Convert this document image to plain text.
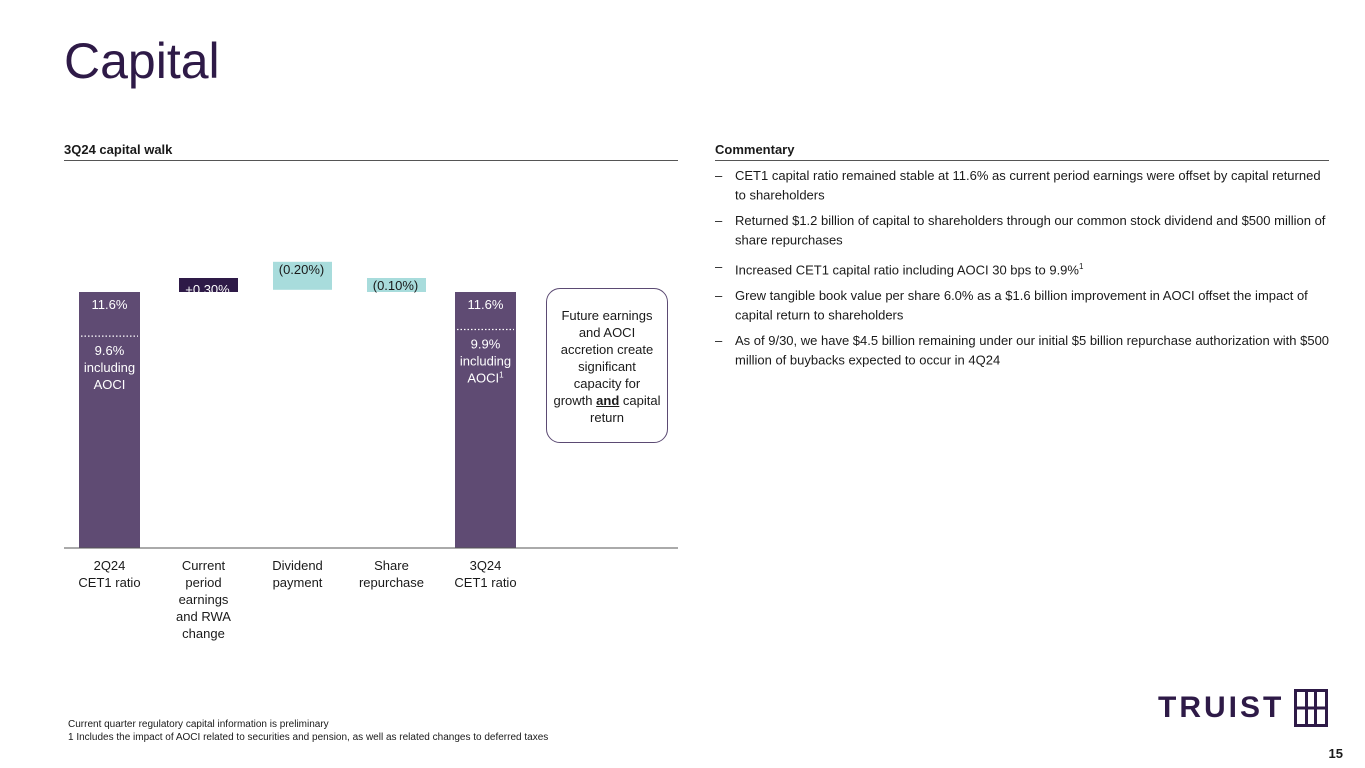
Capital
3Q24 capital walk	Commentary
11.6%
9.6%
including
AOCI
2Q24
CET1 ratio
+0.30%
Current
period
earnings
and RWA
change
(0.20%)
Dividend
payment
(0.10%)
Share
repurchase
11.6%
9.9%
including
AOCI$^1$
3Q24
CET1 ratio
Future earnings and AOCI accretion create significant capacity for growth and capital return
– CET1 capital ratio remained stable at 11.6% as current period earnings were offset by capital returned to shareholders
– Returned $1.2 billion of capital to shareholders through our common stock dividend and $500 million of share repurchases
– Increased CET1 capital ratio including AOCI 30 bps to 9.9%$^1$
– Grew tangible book value per share 6.0% as a $1.6 billion improvement in AOCI offset the impact of capital return to shareholders
– As of 9/30, we have $4.5 billion remaining under our initial $5 billion repurchase authorization with $500 million of buybacks expected to occur in 4Q24
Current quarter regulatory capital information is preliminary
1 Includes the impact of AOCI related to securities and pension, as well as related changes to deferred taxes
TRUIST
15
